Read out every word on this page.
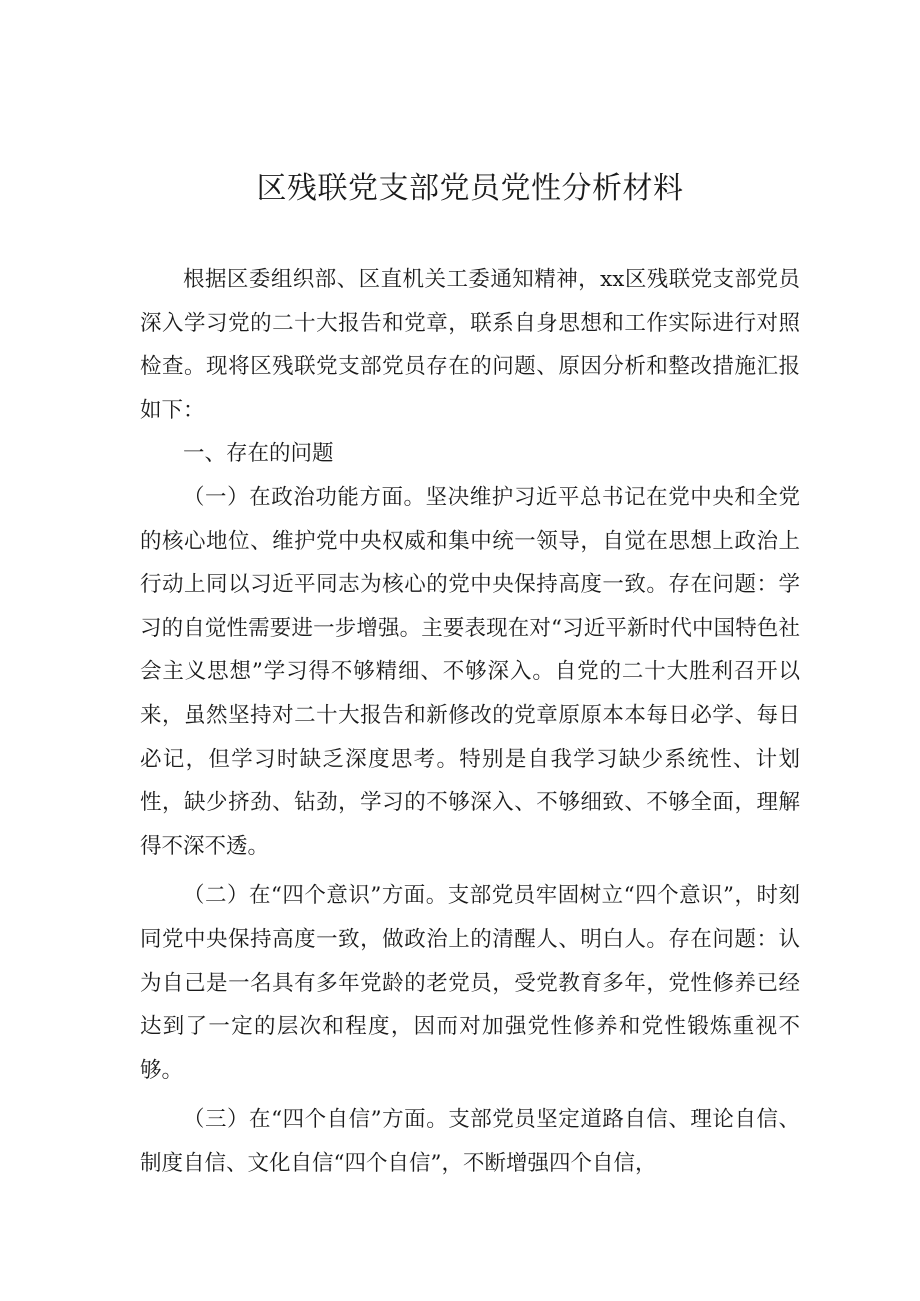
区残联党支部党员党性分析材料

根据区委组织部、区直机关工委通知精神，xx区残联党支部党员深入学习党的二十大报告和党章，联系自身思想和工作实际进行对照检查。现将区残联党支部党员存在的问题、原因分析和整改措施汇报如下：

一、存在的问题

（一）在政治功能方面。坚决维护习近平总书记在党中央和全党的核心地位、维护党中央权威和集中统一领导，自觉在思想上政治上行动上同以习近平同志为核心的党中央保持高度一致。存在问题：学习的自觉性需要进一步增强。主要表现在对“习近平新时代中国特色社会主义思想”学习得不够精细、不够深入。自党的二十大胜利召开以来，虽然坚持对二十大报告和新修改的党章原原本本每日必学、每日必记，但学习时缺乏深度思考。特别是自我学习缺少系统性、计划性，缺少挤劲、钻劲，学习的不够深入、不够细致、不够全面，理解得不深不透。

（二）在“四个意识”方面。支部党员牢固树立“四个意识”，时刻同党中央保持高度一致，做政治上的清醒人、明白人。存在问题：认为自己是一名具有多年党龄的老党员，受党教育多年，党性修养已经达到了一定的层次和程度，因而对加强党性修养和党性锻炼重视不够。

（三）在“四个自信”方面。支部党员坚定道路自信、理论自信、制度自信、文化自信“四个自信”，不断增强四个自信，
